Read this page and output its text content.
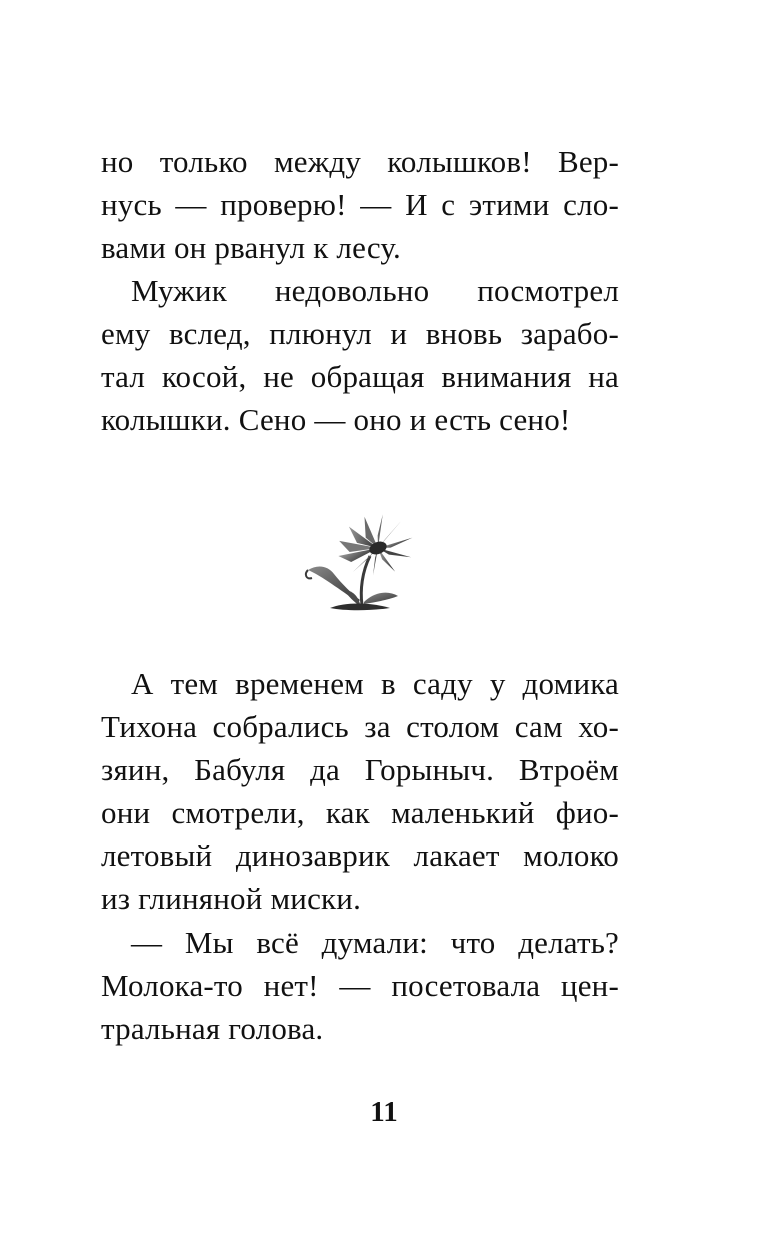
но только между колышков! Вер-
нусь — проверю! — И с этими сло-
вами он рванул к лесу.
Мужик недовольно посмотрел
ему вслед, плюнул и вновь зарабо-
тал косой, не обращая внимания на
колышки. Сено — оно и есть сено!
А тем временем в саду у домика
Тихона собрались за столом сам хо-
зяин, Бабуля да Горыныч. Втроём
они смотрели, как маленький фио-
летовый динозаврик лакает молоко
из глиняной миски.
— Мы всё думали: что делать?
Молока-то нет! — посетовала цен-
тральная голова.
11
